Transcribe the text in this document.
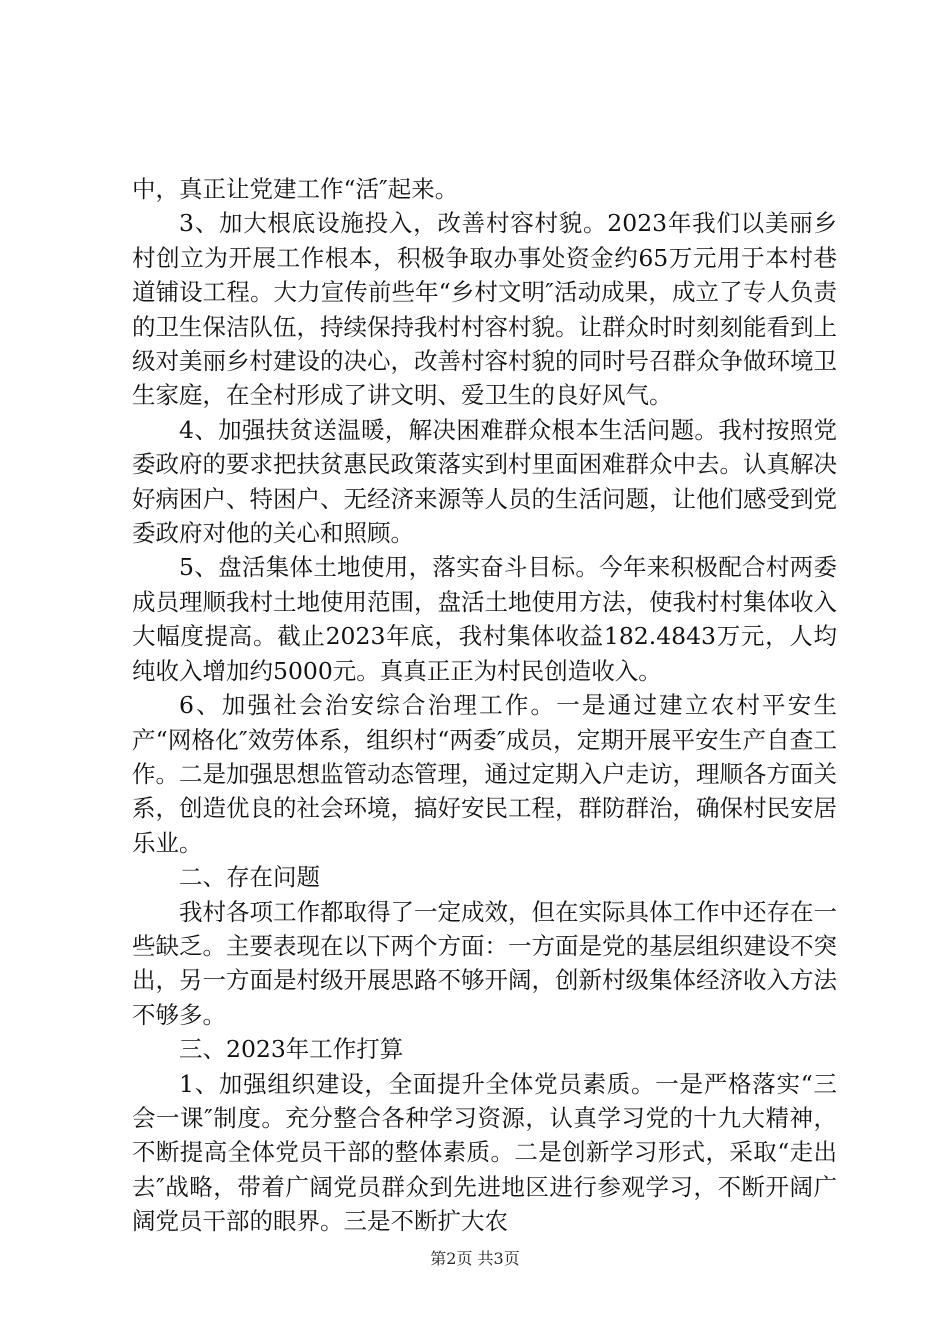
中，真正让党建工作“活″起来。

3、加大根底设施投入，改善村容村貌。2023年我们以美丽乡村创立为开展工作根本，积极争取办事处资金约65万元用于本村巷道铺设工程。大力宣传前些年“乡村文明″活动成果，成立了专人负责的卫生保洁队伍，持续保持我村村容村貌。让群众时时刻刻能看到上级对美丽乡村建设的决心，改善村容村貌的同时号召群众争做环境卫生家庭，在全村形成了讲文明、爱卫生的良好风气。

4、加强扶贫送温暖，解决困难群众根本生活问题。我村按照党委政府的要求把扶贫惠民政策落实到村里面困难群众中去。认真解决好病困户、特困户、无经济来源等人员的生活问题，让他们感受到党委政府对他的关心和照顾。

5、盘活集体土地使用，落实奋斗目标。今年来积极配合村两委成员理顺我村土地使用范围，盘活土地使用方法，使我村村集体收入大幅度提高。截止2023年底，我村集体收益182.4843万元，人均纯收入增加约5000元。真真正正为村民创造收入。

6、加强社会治安综合治理工作。一是通过建立农村平安生产“网格化″效劳体系，组织村“两委″成员，定期开展平安生产自查工作。二是加强思想监管动态管理，通过定期入户走访，理顺各方面关系，创造优良的社会环境，搞好安民工程，群防群治，确保村民安居乐业。

二、存在问题

我村各项工作都取得了一定成效，但在实际具体工作中还存在一些缺乏。主要表现在以下两个方面：一方面是党的基层组织建设不突出，另一方面是村级开展思路不够开阔，创新村级集体经济收入方法不够多。

三、2023年工作打算

1、加强组织建设，全面提升全体党员素质。一是严格落实“三会一课″制度。充分整合各种学习资源，认真学习党的十九大精神，不断提高全体党员干部的整体素质。二是创新学习形式，采取“走出去″战略，带着广阔党员群众到先进地区进行参观学习，不断开阔广阔党员干部的眼界。三是不断扩大农

第2页 共3页
